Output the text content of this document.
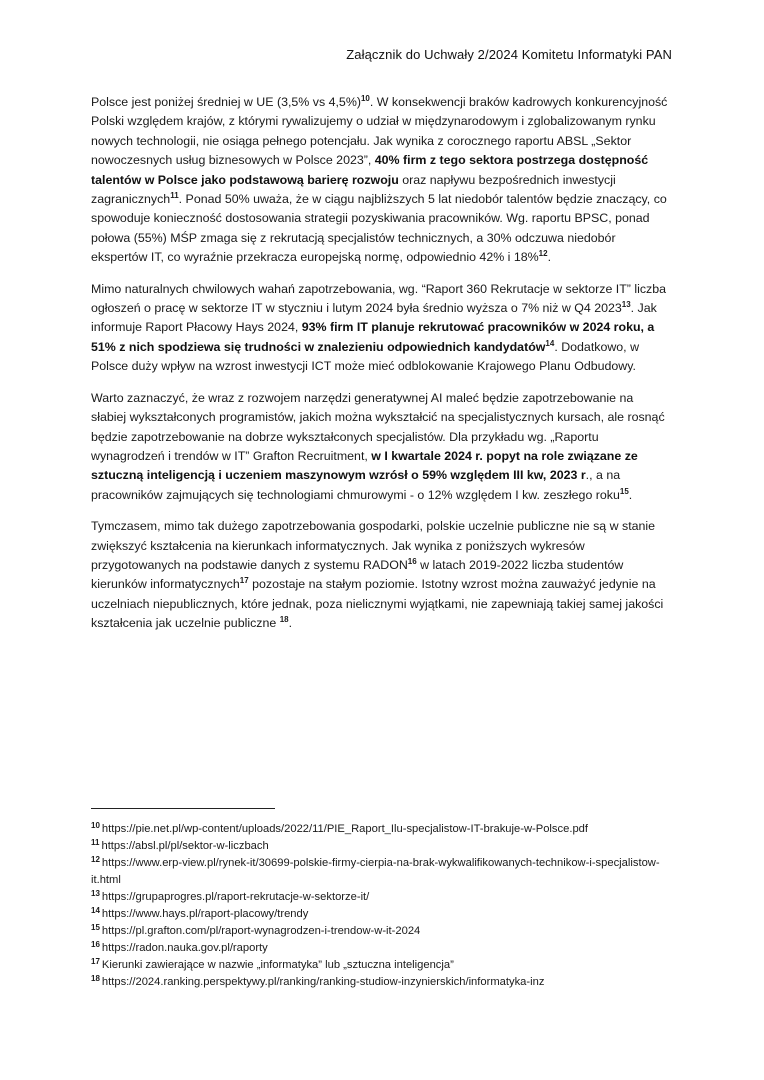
Załącznik do Uchwały 2/2024 Komitetu Informatyki PAN

Polsce jest poniżej średniej w UE (3,5% vs 4,5%)$^{10}$. W konsekwencji braków kadrowych konkurencyjność Polski względem krajów, z którymi rywalizujemy o udział w międzynarodowym i zglobalizowanym rynku nowych technologii, nie osiąga pełnego potencjału. Jak wynika z corocznego raportu ABSL „Sektor nowoczesnych usług biznesowych w Polsce 2023”, 40% firm z tego sektora postrzega dostępność talentów w Polsce jako podstawową barierę rozwoju oraz napływu bezpośrednich inwestycji zagranicznych$^{11}$. Ponad 50% uważa, że w ciągu najbliższych 5 lat niedobór talentów będzie znaczący, co spowoduje konieczność dostosowania strategii pozyskiwania pracowników. Wg. raportu BPSC, ponad połowa (55%) MŚP zmaga się z rekrutacją specjalistów technicznych, a 30% odczuwa niedobór ekspertów IT, co wyraźnie przekracza europejską normę, odpowiednio 42% i 18%$^{12}$.

Mimo naturalnych chwilowych wahań zapotrzebowania, wg. “Raport 360 Rekrutacje w sektorze IT” liczba ogłoszeń o pracę w sektorze IT w styczniu i lutym 2024 była średnio wyższa o 7% niż w Q4 2023$^{13}$. Jak informuje Raport Płacowy Hays 2024, 93% firm IT planuje rekrutować pracowników w 2024 roku, a 51% z nich spodziewa się trudności w znalezieniu odpowiednich kandydatów$^{14}$. Dodatkowo, w Polsce duży wpływ na wzrost inwestycji ICT może mieć odblokowanie Krajowego Planu Odbudowy.

Warto zaznaczyć, że wraz z rozwojem narzędzi generatywnej AI maleć będzie zapotrzebowanie na słabiej wykształconych programistów, jakich można wykształcić na specjalistycznych kursach, ale rosnąć będzie zapotrzebowanie na dobrze wykształconych specjalistów. Dla przykładu wg. „Raportu wynagrodzeń i trendów w IT” Grafton Recruitment, w I kwartale 2024 r. popyt na role związane ze sztuczną inteligencją i uczeniem maszynowym wzrósł o 59% względem III kw, 2023 r., a na pracowników zajmujących się technologiami chmurowymi - o 12% względem I kw. zeszłego roku$^{15}$.

Tymczasem, mimo tak dużego zapotrzebowania gospodarki, polskie uczelnie publiczne nie są w stanie zwiększyć kształcenia na kierunkach informatycznych. Jak wynika z poniższych wykresów przygotowanych na podstawie danych z systemu RADON$^{16}$ w latach 2019-2022 liczba studentów kierunków informatycznych$^{17}$ pozostaje na stałym poziomie. Istotny wzrost można zauważyć jedynie na uczelniach niepublicznych, które jednak, poza nielicznymi wyjątkami, nie zapewniają takiej samej jakości kształcenia jak uczelnie publiczne $^{18}$.

$^{10}$ https://pie.net.pl/wp-content/uploads/2022/11/PIE_Raport_Ilu-specjalistow-IT-brakuje-w-Polsce.pdf
$^{11}$ https://absl.pl/pl/sektor-w-liczbach
$^{12}$ https://www.erp-view.pl/rynek-it/30699-polskie-firmy-cierpia-na-brak-wykwalifikowanych-technikow-i-specjalistow-it.html
$^{13}$ https://grupaprogres.pl/raport-rekrutacje-w-sektorze-it/
$^{14}$ https://www.hays.pl/raport-placowy/trendy
$^{15}$ https://pl.grafton.com/pl/raport-wynagrodzen-i-trendow-w-it-2024
$^{16}$ https://radon.nauka.gov.pl/raporty
$^{17}$ Kierunki zawierające w nazwie „informatyka” lub „sztuczna inteligencja”
$^{18}$ https://2024.ranking.perspektywy.pl/ranking/ranking-studiow-inzynierskich/informatyka-inz
